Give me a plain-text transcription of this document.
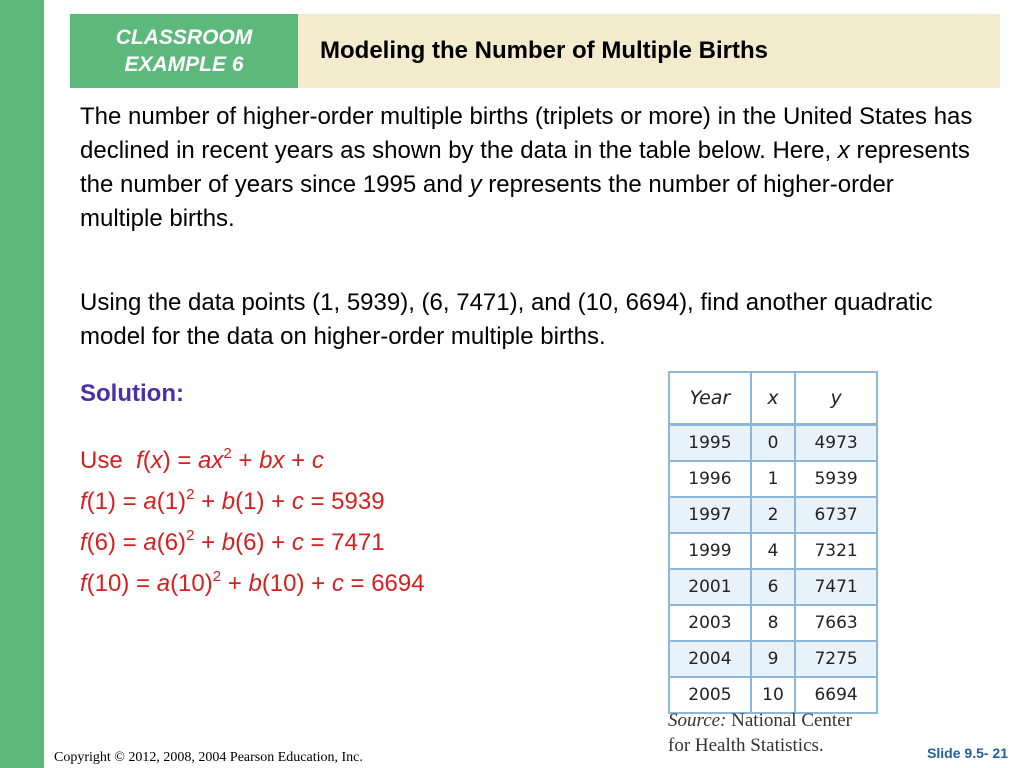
CLASSROOM
EXAMPLE 6
Modeling the Number of Multiple Births
The number of higher-order multiple births (triplets or more) in the United States has declined in recent years as shown by the data in the table below. Here, x represents the number of years since 1995 and y represents the number of higher-order multiple births.
Using the data points (1, 5939), (6, 7471), and (10, 6694), find another quadratic model for the data on higher-order multiple births.
Solution:
Use $f(x) = ax^2$ + bx + c
$f(1) = a(1)^2 + b(1) + c = 5939$
$f(6) = a(6)^2 + b(6) + c = 7471$
$f(10) = a(10)^2 + b(10) + c = 6694$
Year	x	y
1995	0	4973
1996	1	5939
1997	2	6737
1999	4	7321
2001	6	7471
2003	8	7663
2004	9	7275
2005	10	6694
Source: National Center
for Health Statistics.
Copyright © 2012, 2008, 2004 Pearson Education, Inc.	Slide 9.5- 21
